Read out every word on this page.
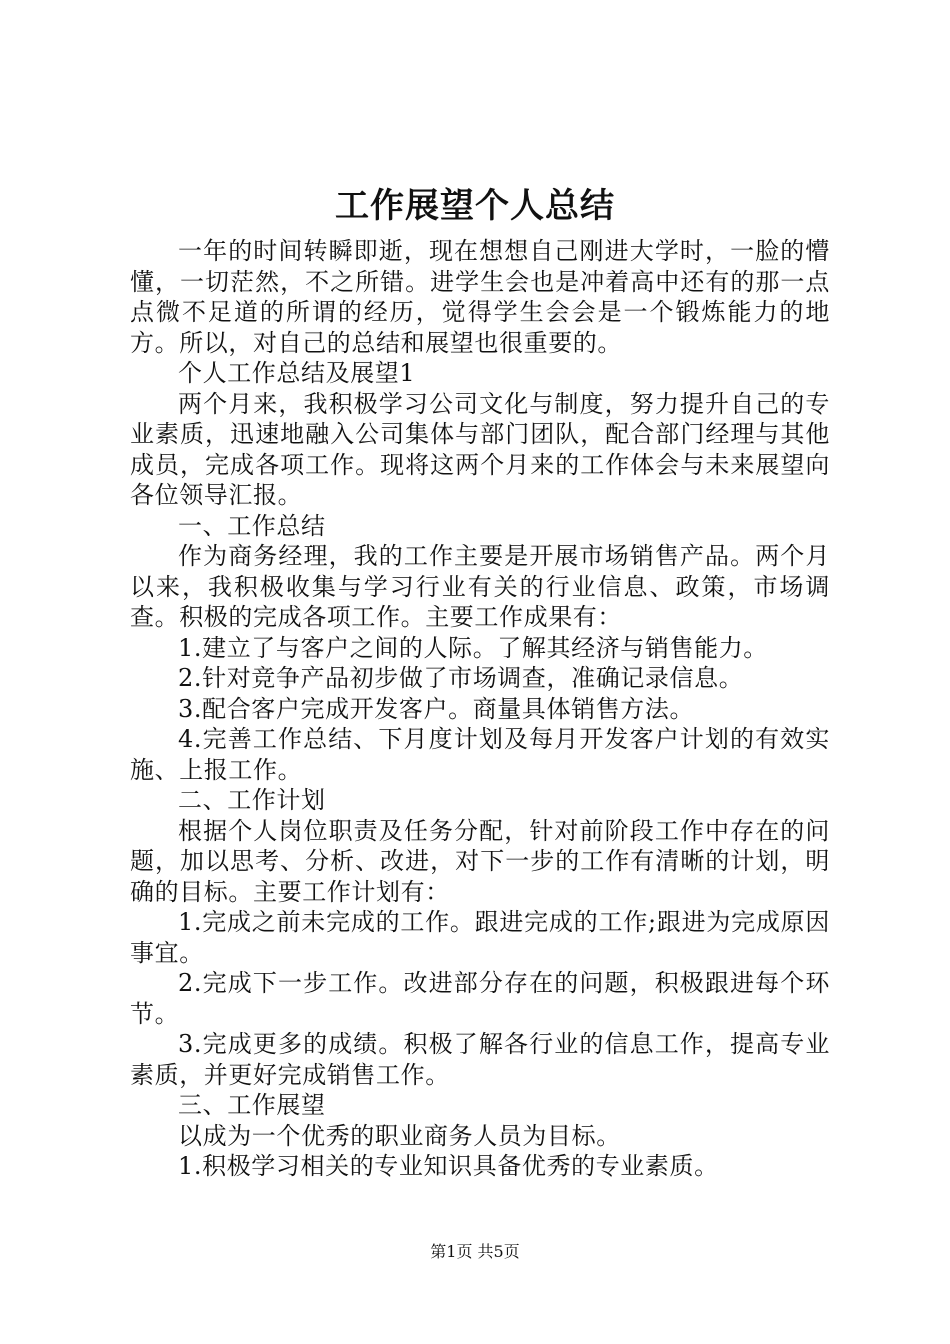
工作展望个人总结

一年的时间转瞬即逝，现在想想自己刚进大学时，一脸的懵懂，一切茫然，不之所错。进学生会也是冲着高中还有的那一点点微不足道的所谓的经历，觉得学生会会是一个锻炼能力的地方。所以，对自己的总结和展望也很重要的。

个人工作总结及展望1

两个月来，我积极学习公司文化与制度，努力提升自己的专业素质，迅速地融入公司集体与部门团队，配合部门经理与其他成员，完成各项工作。现将这两个月来的工作体会与未来展望向各位领导汇报。

一、工作总结

作为商务经理，我的工作主要是开展市场销售产品。两个月以来，我积极收集与学习行业有关的行业信息、政策，市场调查。积极的完成各项工作。主要工作成果有：

1.建立了与客户之间的人际。了解其经济与销售能力。

2.针对竞争产品初步做了市场调查，准确记录信息。

3.配合客户完成开发客户。商量具体销售方法。

4.完善工作总结、下月度计划及每月开发客户计划的有效实施、上报工作。

二、工作计划

根据个人岗位职责及任务分配，针对前阶段工作中存在的问题，加以思考、分析、改进，对下一步的工作有清晰的计划，明确的目标。主要工作计划有：

1.完成之前未完成的工作。跟进完成的工作;跟进为完成原因事宜。

2.完成下一步工作。改进部分存在的问题，积极跟进每个环节。

3.完成更多的成绩。积极了解各行业的信息工作，提高专业素质，并更好完成销售工作。

三、工作展望

以成为一个优秀的职业商务人员为目标。

1.积极学习相关的专业知识具备优秀的专业素质。

第1页 共5页
